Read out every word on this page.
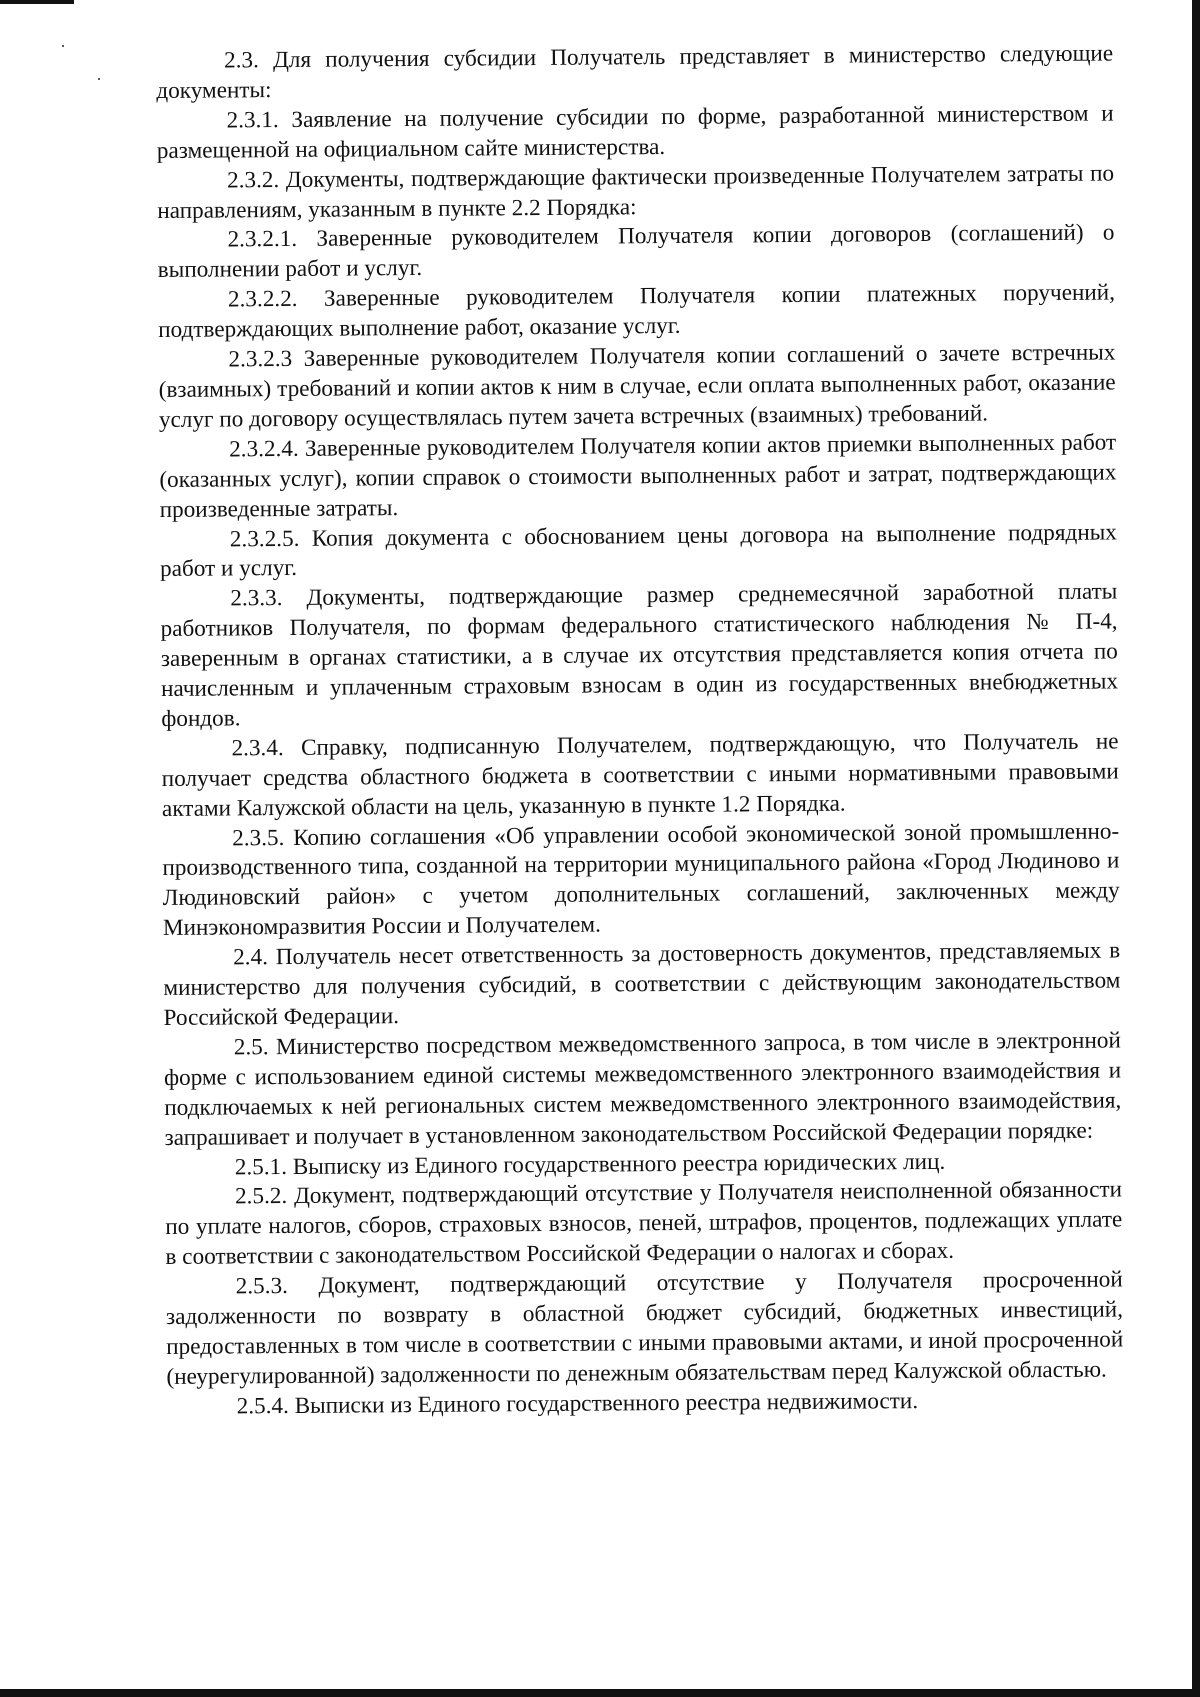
2.3. Для получения субсидии Получатель представляет в министерство следующие документы:

2.3.1. Заявление на получение субсидии по форме, разработанной министерством и размещенной на официальном сайте министерства.

2.3.2. Документы, подтверждающие фактически произведенные Получателем затраты по направлениям, указанным в пункте 2.2 Порядка:

2.3.2.1. Заверенные руководителем Получателя копии договоров (соглашений) о выполнении работ и услуг.

2.3.2.2. Заверенные руководителем Получателя копии платежных поручений, подтверждающих выполнение работ, оказание услуг.

2.3.2.3 Заверенные руководителем Получателя копии соглашений о зачете встречных (взаимных) требований и копии актов к ним в случае, если оплата выполненных работ, оказание услуг по договору осуществлялась путем зачета встречных (взаимных) требований.

2.3.2.4. Заверенные руководителем Получателя копии актов приемки выполненных работ (оказанных услуг), копии справок о стоимости выполненных работ и затрат, подтверждающих произведенные затраты.

2.3.2.5. Копия документа с обоснованием цены договора на выполнение подрядных работ и услуг.

2.3.3. Документы, подтверждающие размер среднемесячной заработной платы работников Получателя, по формам федерального статистического наблюдения № П-4, заверенным в органах статистики, а в случае их отсутствия представляется копия отчета по начисленным и уплаченным страховым взносам в один из государственных внебюджетных фондов.

2.3.4. Справку, подписанную Получателем, подтверждающую, что Получатель не получает средства областного бюджета в соответствии с иными нормативными правовыми актами Калужской области на цель, указанную в пункте 1.2 Порядка.

2.3.5. Копию соглашения «Об управлении особой экономической зоной промышленно-производственного типа, созданной на территории муниципального района «Город Людиново и Людиновский район» с учетом дополнительных соглашений, заключенных между Минэкономразвития России и Получателем.

2.4. Получатель несет ответственность за достоверность документов, представляемых в министерство для получения субсидий, в соответствии с действующим законодательством Российской Федерации.

2.5. Министерство посредством межведомственного запроса, в том числе в электронной форме с использованием единой системы межведомственного электронного взаимодействия и подключаемых к ней региональных систем межведомственного электронного взаимодействия, запрашивает и получает в установленном законодательством Российской Федерации порядке:

2.5.1. Выписку из Единого государственного реестра юридических лиц.

2.5.2. Документ, подтверждающий отсутствие у Получателя неисполненной обязанности по уплате налогов, сборов, страховых взносов, пеней, штрафов, процентов, подлежащих уплате в соответствии с законодательством Российской Федерации о налогах и сборах.

2.5.3. Документ, подтверждающий отсутствие у Получателя просроченной задолженности по возврату в областной бюджет субсидий, бюджетных инвестиций, предоставленных в том числе в соответствии с иными правовыми актами, и иной просроченной (неурегулированной) задолженности по денежным обязательствам перед Калужской областью.

2.5.4. Выписки из Единого государственного реестра недвижимости.
